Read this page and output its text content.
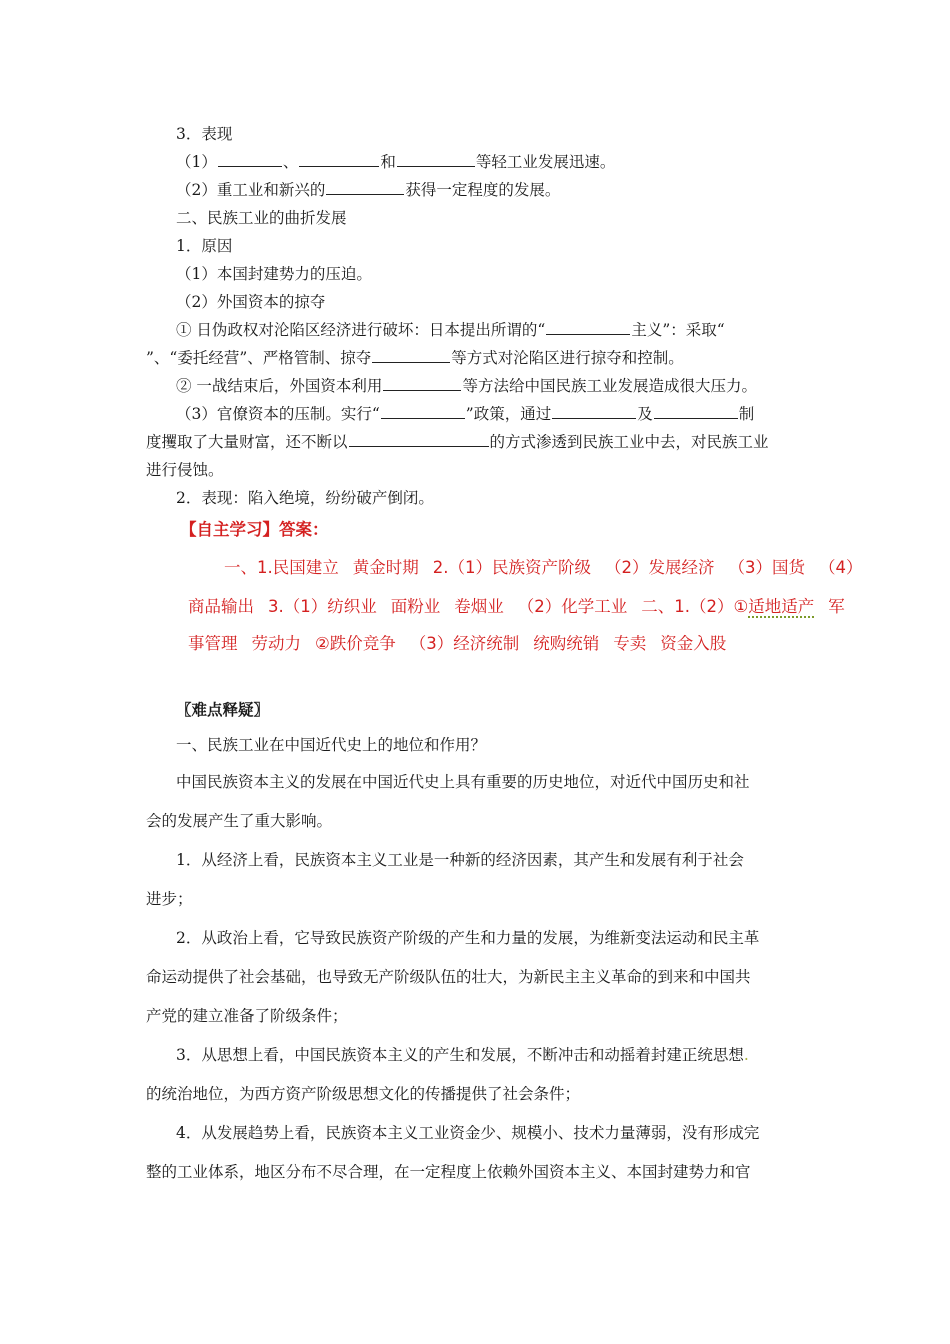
3．表现
（1）	、	和	等轻工业发展迅速。
（2）重工业和新兴的	获得一定程度的发展。
二、民族工业的曲折发展
1．原因
（1）本国封建势力的压迫。
（2）外国资本的掠夺
① 日伪政权对沦陷区经济进行破坏：日本提出所谓的“	主义”：采取“
”、“委托经营”、严格管制、掠夺	等方式对沦陷区进行掠夺和控制。
② 一战结束后，外国资本利用	等方法给中国民族工业发展造成很大压力。
（3）官僚资本的压制。实行“	”政策，通过	及	制
度攫取了大量财富，还不断以	的方式渗透到民族工业中去，对民族工业
进行侵蚀。
2．表现：陷入绝境，纷纷破产倒闭。
【自主学习】答案：
一、1.民国建立 黄金时期 2.（1）民族资产阶级 （2）发展经济 （3）国货 （4）
商品输出 3.（1）纺织业 面粉业 卷烟业 （2）化学工业 二、1.（2）①适地适产 军
事管理 劳动力 ②跌价竞争 （3）经济统制 统购统销 专卖 资金入股
〖难点释疑〗
一、民族工业在中国近代史上的地位和作用？
中国民族资本主义的发展在中国近代史上具有重要的历史地位，对近代中国历史和社
会的发展产生了重大影响。
1．从经济上看，民族资本主义工业是一种新的经济因素，其产生和发展有利于社会
进步；
2．从政治上看，它导致民族资产阶级的产生和力量的发展，为维新变法运动和民主革
命运动提供了社会基础，也导致无产阶级队伍的壮大，为新民主主义革命的到来和中国共
产党的建立准备了阶级条件；
3．从思想上看，中国民族资本主义的产生和发展，不断冲击和动摇着封建正统思想.
的统治地位，为西方资产阶级思想文化的传播提供了社会条件；
4．从发展趋势上看，民族资本主义工业资金少、规模小、技术力量薄弱，没有形成完
整的工业体系，地区分布不尽合理，在一定程度上依赖外国资本主义、本国封建势力和官
